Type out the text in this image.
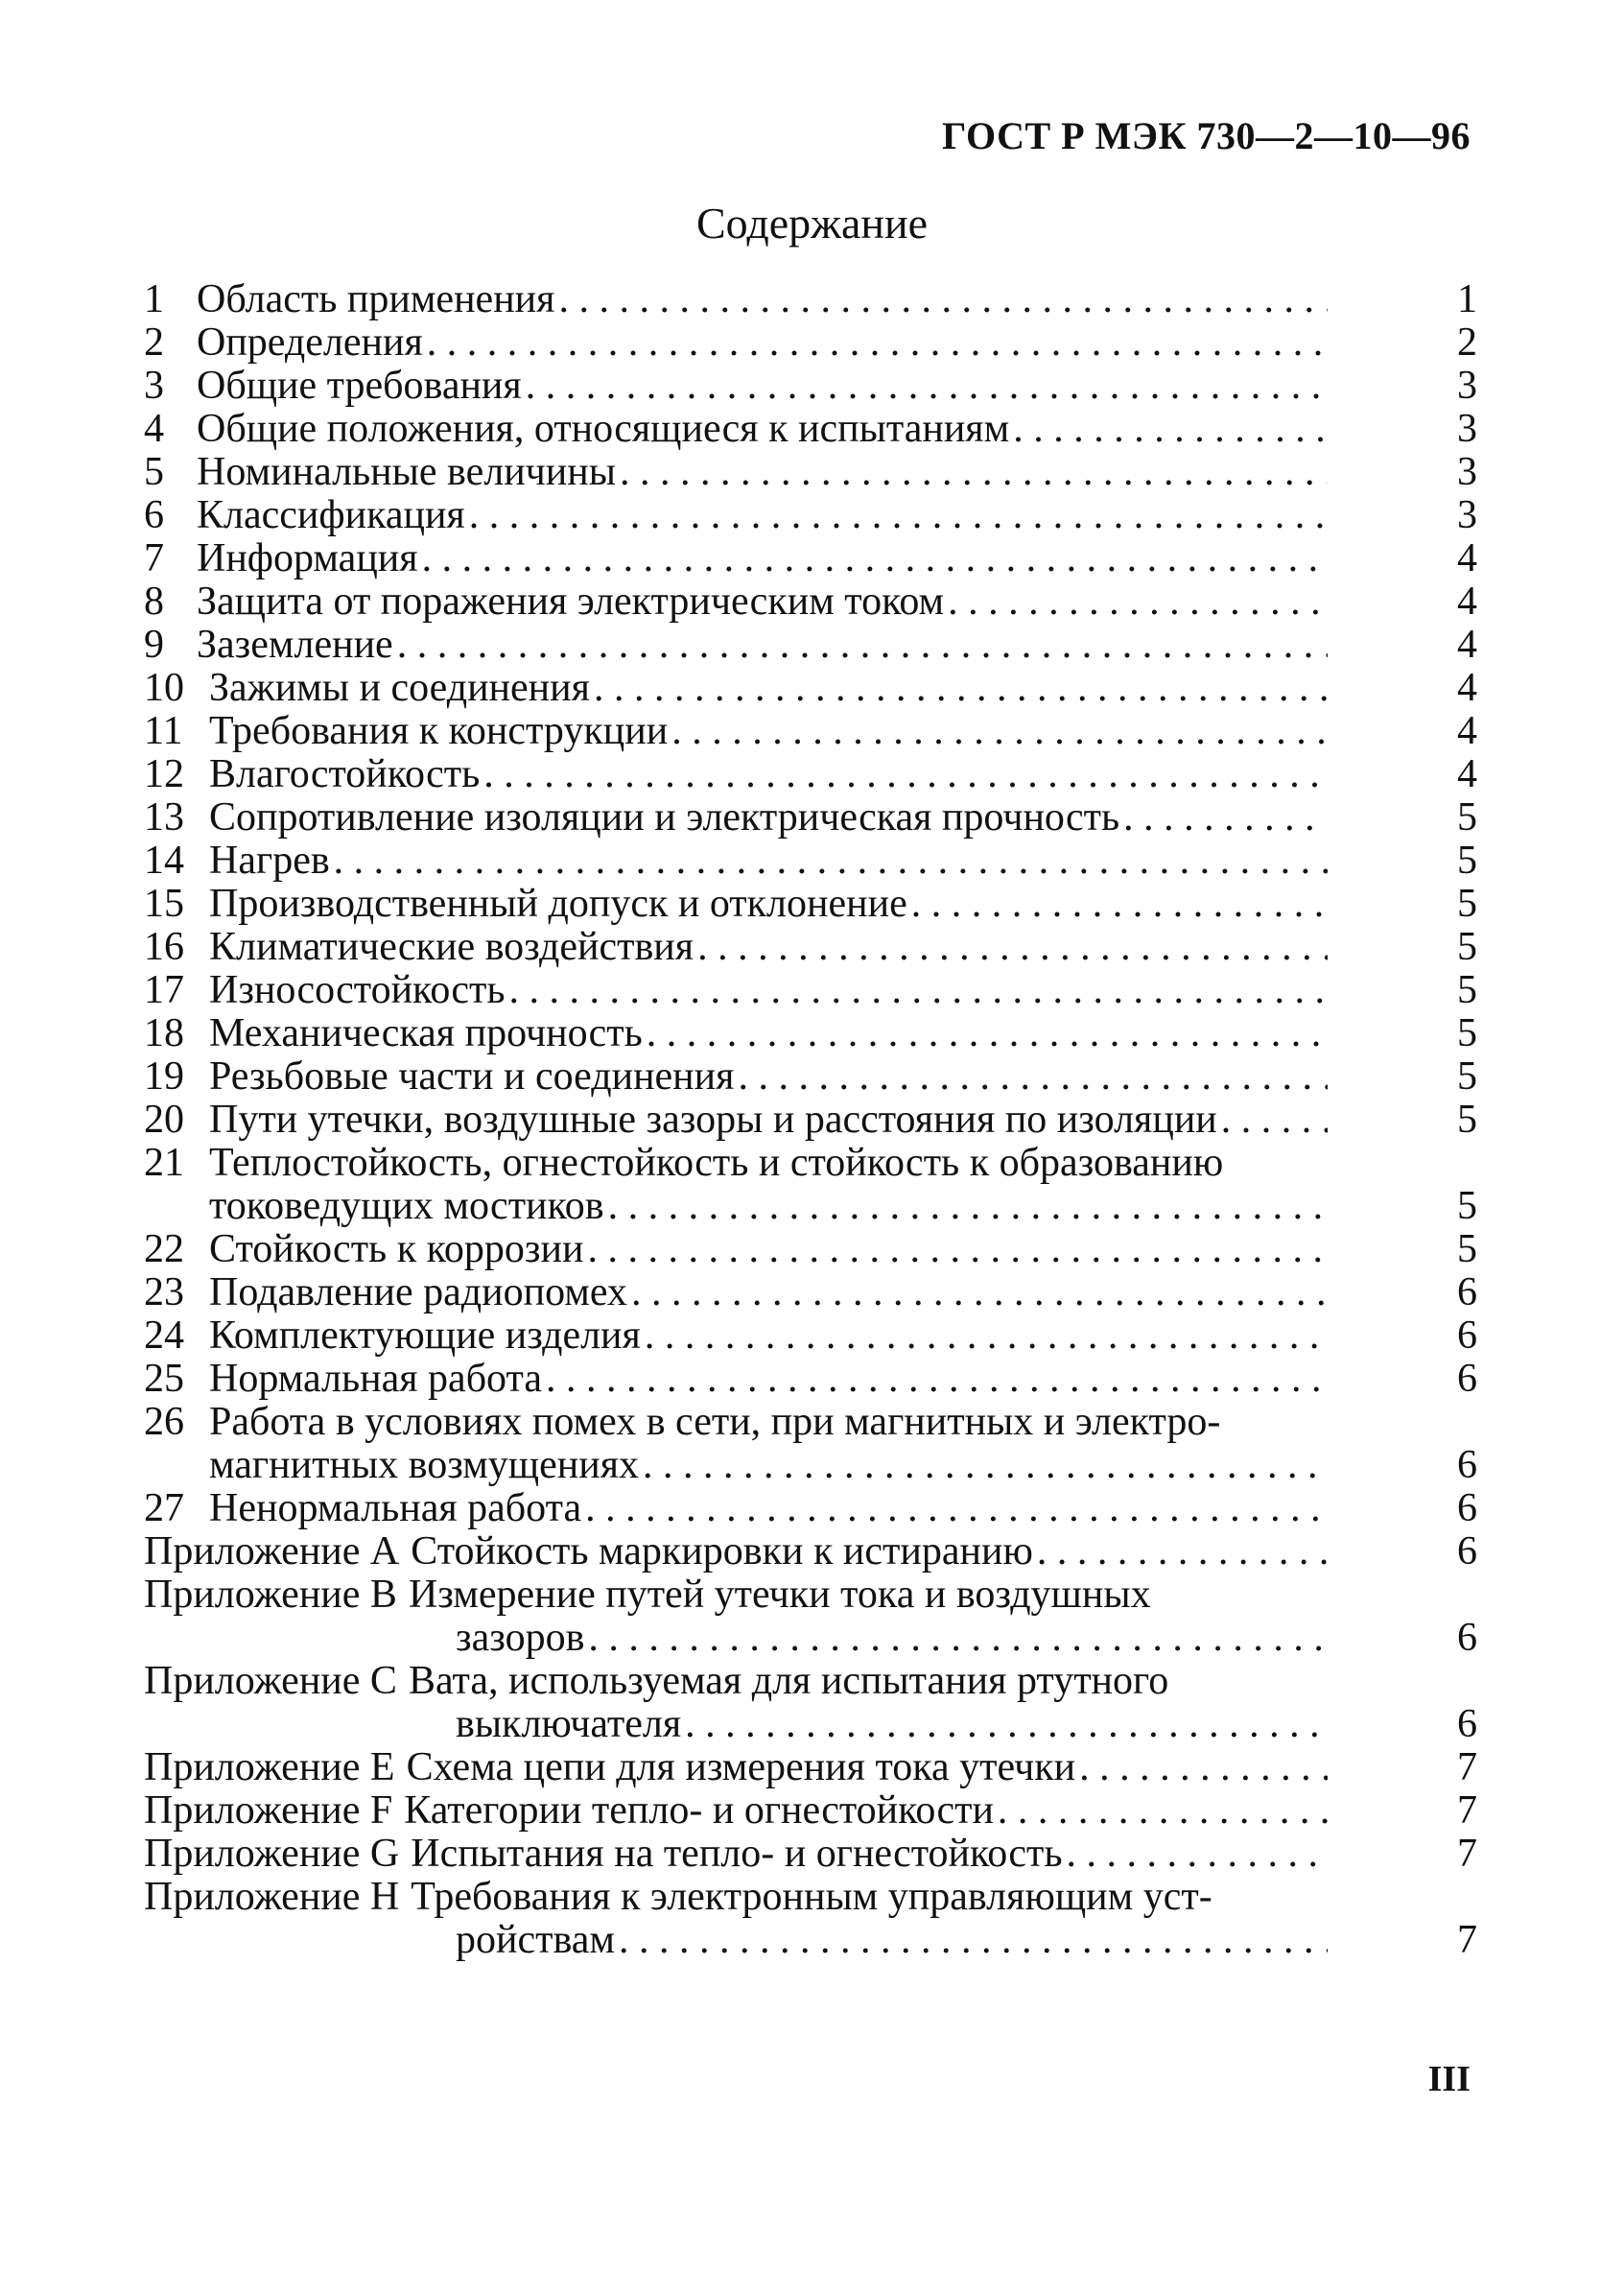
ГОСТ Р МЭК 730—2—10—96
Содержание
1 Область применения . . .	1
2 Определения . . .	2
3 Общие требования . . .	3
4 Общие положения, относящиеся к испытаниям . . .	3
5 Номинальные величины . . .	3
6 Классификация . . .	3
7 Информация . . .	4
8 Защита от поражения электрическим током . . .	4
9 Заземление . . .	4
10 Зажимы и соединения . . .	4
11 Требования к конструкции . . .	4
12 Влагостойкость . . .	4
13 Сопротивление изоляции и электрическая прочность . . .	5
14 Нагрев . . .	5
15 Производственный допуск и отклонение . . .	5
16 Климатические воздействия . . .	5
17 Износостойкость . . .	5
18 Механическая прочность . . .	5
19 Резьбовые части и соединения . . .	5
20 Пути утечки, воздушные зазоры и расстояния по изоляции . . .	5
21 Теплостойкость, огнестойкость и стойкость к образованию
токоведущих мостиков . . .	5
22 Стойкость к коррозии . . .	5
23 Подавление радиопомех . . .	6
24 Комплектующие изделия . . .	6
25 Нормальная работа . . .	6
26 Работа в условиях помех в сети, при магнитных и электро-
магнитных возмущениях . . .	6
27 Ненормальная работа . . .	6
Приложение A Стойкость маркировки к истиранию . . .	6
Приложение B Измерение путей утечки тока и воздушных
зазоров . . .	6
Приложение C Вата, используемая для испытания ртутного
выключателя . . .	6
Приложение E Схема цепи для измерения тока утечки . . .	7
Приложение F Категории тепло- и огнестойкости . . .	7
Приложение G Испытания на тепло- и огнестойкость . . .	7
Приложение H Требования к электронным управляющим уст-
ройствам . . .	7
III
